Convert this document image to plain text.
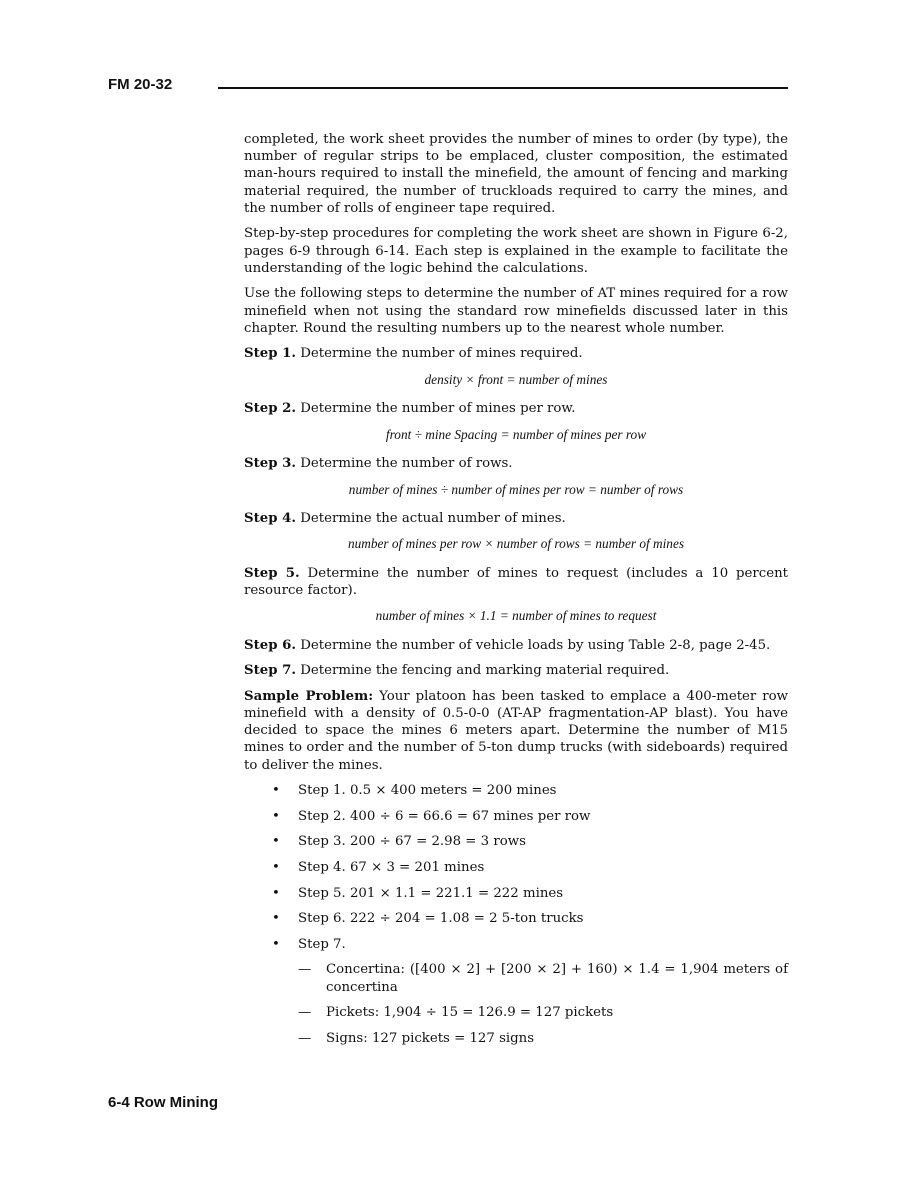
FM 20-32

completed, the work sheet provides the number of mines to order (by type), the number of regular strips to be emplaced, cluster composition, the estimated man-hours required to install the minefield, the amount of fencing and marking material required, the number of truckloads required to carry the mines, and the number of rolls of engineer tape required.

Step-by-step procedures for completing the work sheet are shown in Figure 6-2, pages 6-9 through 6-14. Each step is explained in the example to facilitate the understanding of the logic behind the calculations.

Use the following steps to determine the number of AT mines required for a row minefield when not using the standard row minefields discussed later in this chapter. Round the resulting numbers up to the nearest whole number.

Step 1. Determine the number of mines required.
density × front = number of mines
Step 2. Determine the number of mines per row.
front ÷ mine Spacing = number of mines per row
Step 3. Determine the number of rows.
number of mines ÷ number of mines per row = number of rows
Step 4. Determine the actual number of mines.
number of mines per row × number of rows = number of mines
Step 5. Determine the number of mines to request (includes a 10 percent resource factor).
number of mines × 1.1 = number of mines to request
Step 6. Determine the number of vehicle loads by using Table 2-8, page 2-45.
Step 7. Determine the fencing and marking material required.

Sample Problem: Your platoon has been tasked to emplace a 400-meter row minefield with a density of 0.5-0-0 (AT-AP fragmentation-AP blast). You have decided to space the mines 6 meters apart. Determine the number of M15 mines to order and the number of 5-ton dump trucks (with sideboards) required to deliver the mines.

• Step 1. 0.5 × 400 meters = 200 mines
• Step 2. 400 ÷ 6 = 66.6 = 67 mines per row
• Step 3. 200 ÷ 67 = 2.98 = 3 rows
• Step 4. 67 × 3 = 201 mines
• Step 5. 201 × 1.1 = 221.1 = 222 mines
• Step 6. 222 ÷ 204 = 1.08 = 2 5-ton trucks
• Step 7.
— Concertina: ([400 × 2] + [200 × 2] + 160) × 1.4 = 1,904 meters of concertina
— Pickets: 1,904 ÷ 15 = 126.9 = 127 pickets
— Signs: 127 pickets = 127 signs
6-4 Row Mining
